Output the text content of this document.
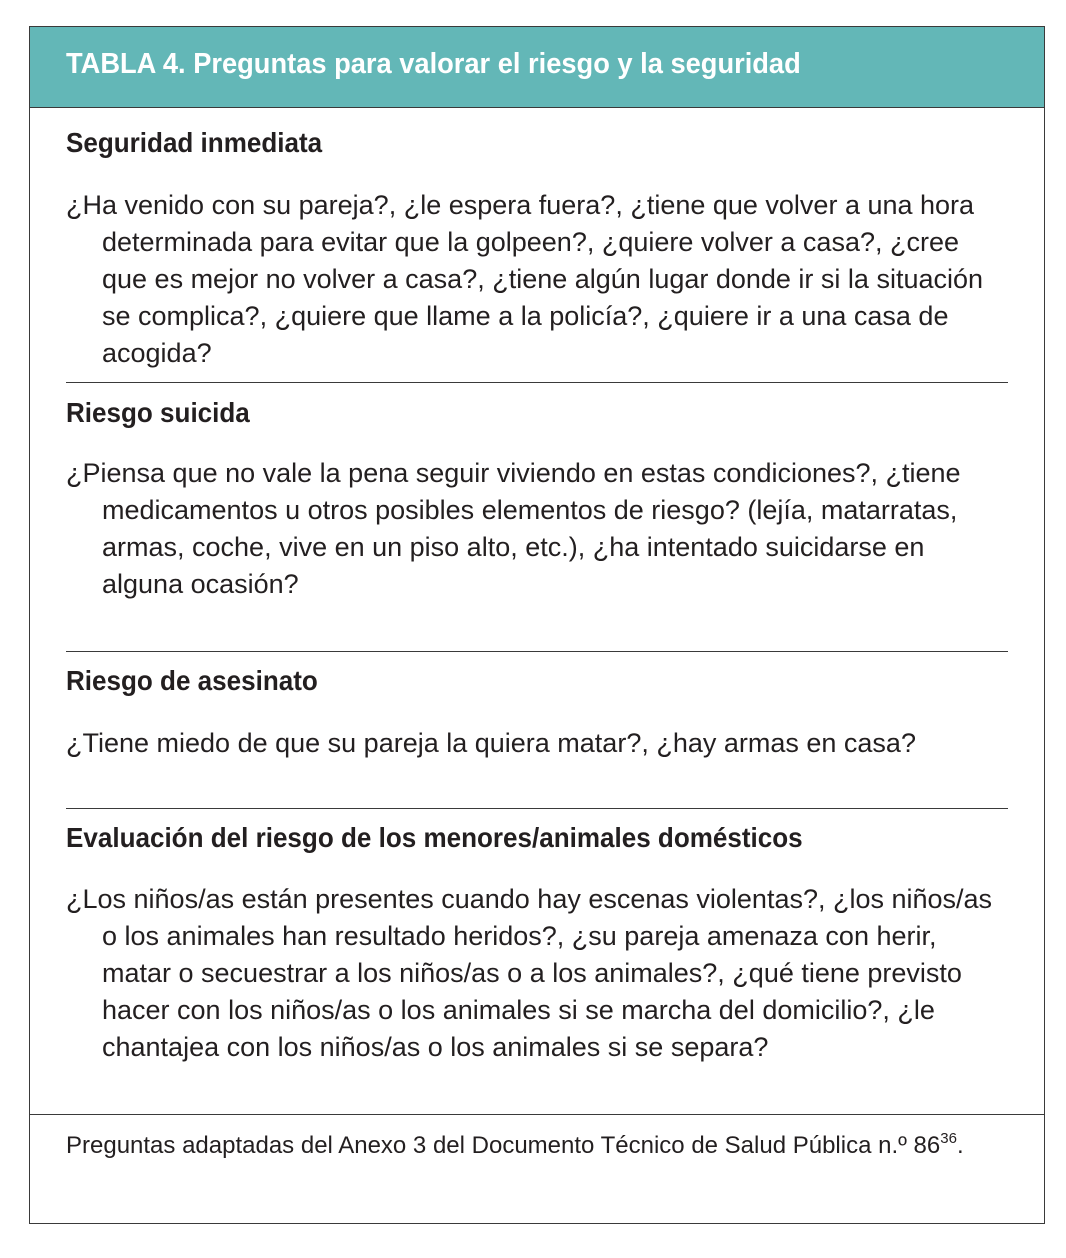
TABLA 4. Preguntas para valorar el riesgo y la seguridad
Seguridad inmediata

¿Ha venido con su pareja?, ¿le espera fuera?, ¿tiene que volver a una hora determinada para evitar que la golpeen?, ¿quiere volver a casa?, ¿cree que es mejor no volver a casa?, ¿tiene algún lugar donde ir si la situación se complica?, ¿quiere que llame a la policía?, ¿quiere ir a una casa de acogida?

Riesgo suicida

¿Piensa que no vale la pena seguir viviendo en estas condiciones?, ¿tiene medicamentos u otros posibles elementos de riesgo? (lejía, matarratas, armas, coche, vive en un piso alto, etc.), ¿ha intentado suicidarse en alguna ocasión?

Riesgo de asesinato

¿Tiene miedo de que su pareja la quiera matar?, ¿hay armas en casa?

Evaluación del riesgo de los menores/animales domésticos

¿Los niños/as están presentes cuando hay escenas violentas?, ¿los niños/as o los animales han resultado heridos?, ¿su pareja amenaza con herir, matar o secuestrar a los niños/as o a los animales?, ¿qué tiene previsto hacer con los niños/as o los animales si se marcha del domicilio?, ¿le chantajea con los niños/as o los animales si se separa?

Preguntas adaptadas del Anexo 3 del Documento Técnico de Salud Pública n.º $86^{36}$.
